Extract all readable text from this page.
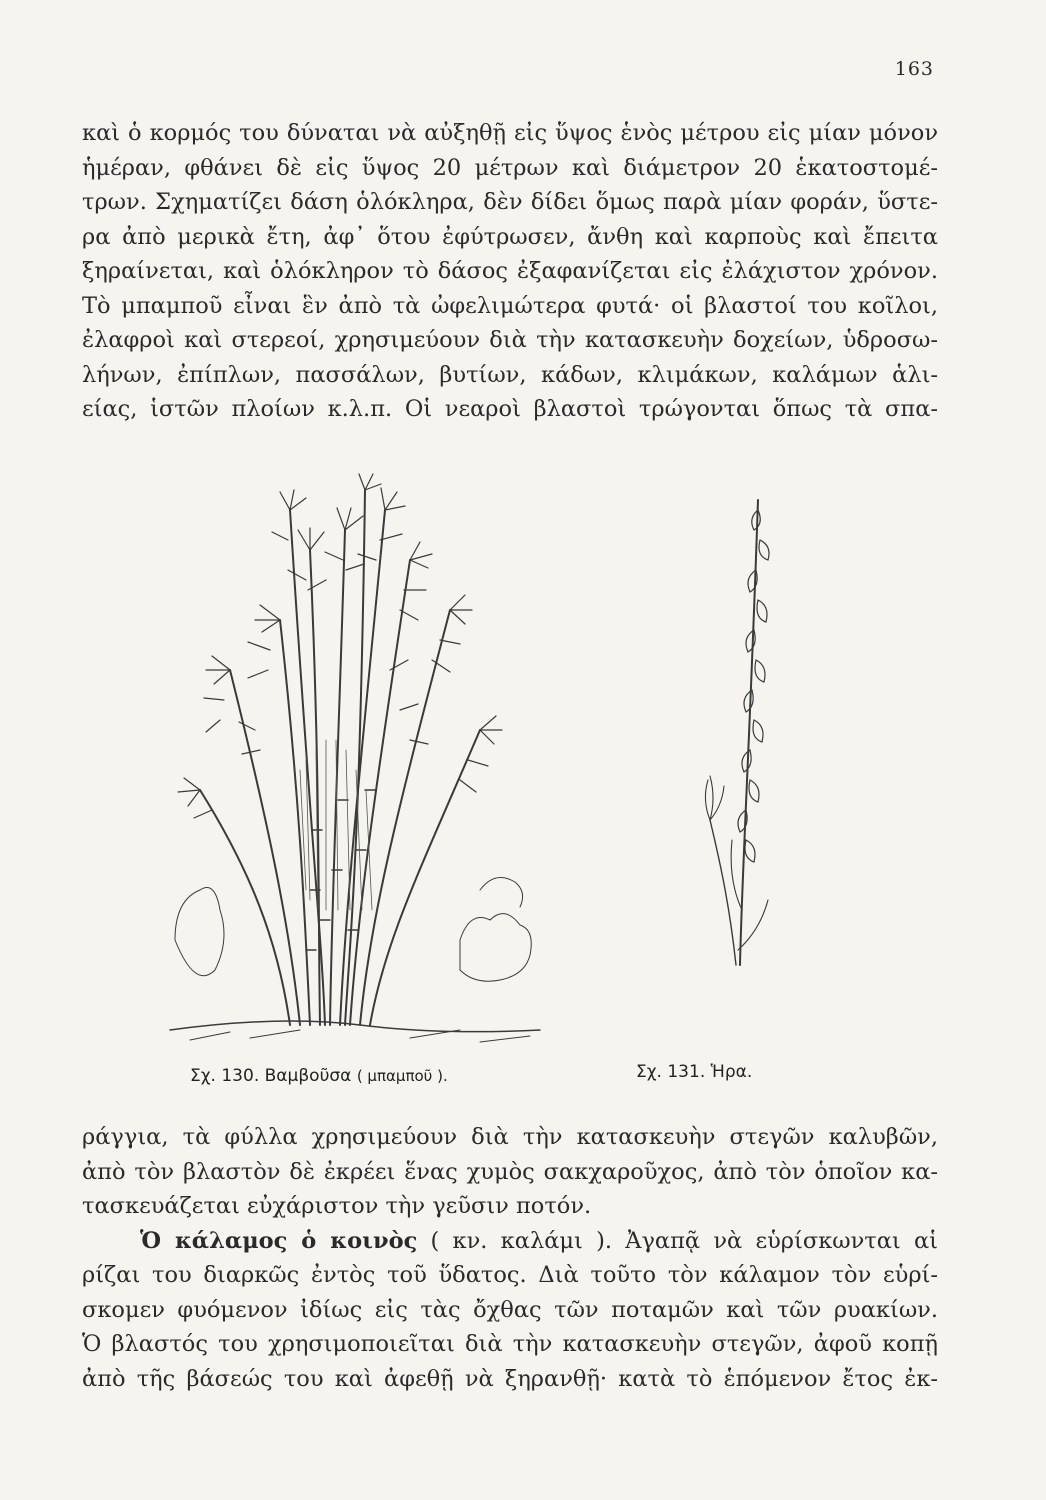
163
καὶ ὁ κορμός του δύναται νὰ αὐξηθῇ εἰς ὕψος ἑνὸς μέτρου εἰς μίαν μόνον
ἡμέραν, φθάνει δὲ εἰς ὕψος 20 μέτρων καὶ διάμετρον 20 ἑκατοστομέ-
τρων. Σχηματίζει δάση ὁλόκληρα, δὲν δίδει ὅμως παρὰ μίαν φοράν, ὕστε-
ρα ἀπὸ μερικὰ ἔτη, ἀφ᾽ ὅτου ἐφύτρωσεν, ἄνθη καὶ καρποὺς καὶ ἔπειτα
ξηραίνεται, καὶ ὁλόκληρον τὸ δάσος ἐξαφανίζεται εἰς ἐλάχιστον χρόνον.
Τὸ μπαμποῦ εἶναι ἓν ἀπὸ τὰ ὠφελιμώτερα φυτά· οἱ βλαστοί του κοῖλοι,
ἐλαφροὶ καὶ στερεοί, χρησιμεύουν διὰ τὴν κατασκευὴν δοχείων, ὑδροσω-
λήνων, ἐπίπλων, πασσάλων, βυτίων, κάδων, κλιμάκων, καλάμων ἁλι-
είας, ἱστῶν πλοίων κ.λ.π. Οἱ νεαροὶ βλαστοὶ τρώγονται ὅπως τὰ σπα-
Σχ. 130. Βαμβοῦσα ( μπαμποῦ ).	Σχ. 131. Ἡρα.
ράγγια, τὰ φύλλα χρησιμεύουν διὰ τὴν κατασκευὴν στεγῶν καλυβῶν,
ἀπὸ τὸν βλαστὸν δὲ ἐκρέει ἕνας χυμὸς σακχαροῦχος, ἀπὸ τὸν ὁποῖον κα-
τασκευάζεται εὐχάριστον τὴν γεῦσιν ποτόν.
Ὁ κάλαμος ὁ κοινὸς ( κν. καλάμι ). Ἀγαπᾷ νὰ εὑρίσκωνται αἱ
ρίζαι του διαρκῶς ἐντὸς τοῦ ὕδατος. Διὰ τοῦτο τὸν κάλαμον τὸν εὑρί-
σκομεν φυόμενον ἰδίως εἰς τὰς ὄχθας τῶν ποταμῶν καὶ τῶν ρυακίων.
Ὁ βλαστός του χρησιμοποιεῖται διὰ τὴν κατασκευὴν στεγῶν, ἀφοῦ κοπῇ
ἀπὸ τῆς βάσεώς του καὶ ἀφεθῇ νὰ ξηρανθῇ· κατὰ τὸ ἑπόμενον ἔτος ἐκ-
